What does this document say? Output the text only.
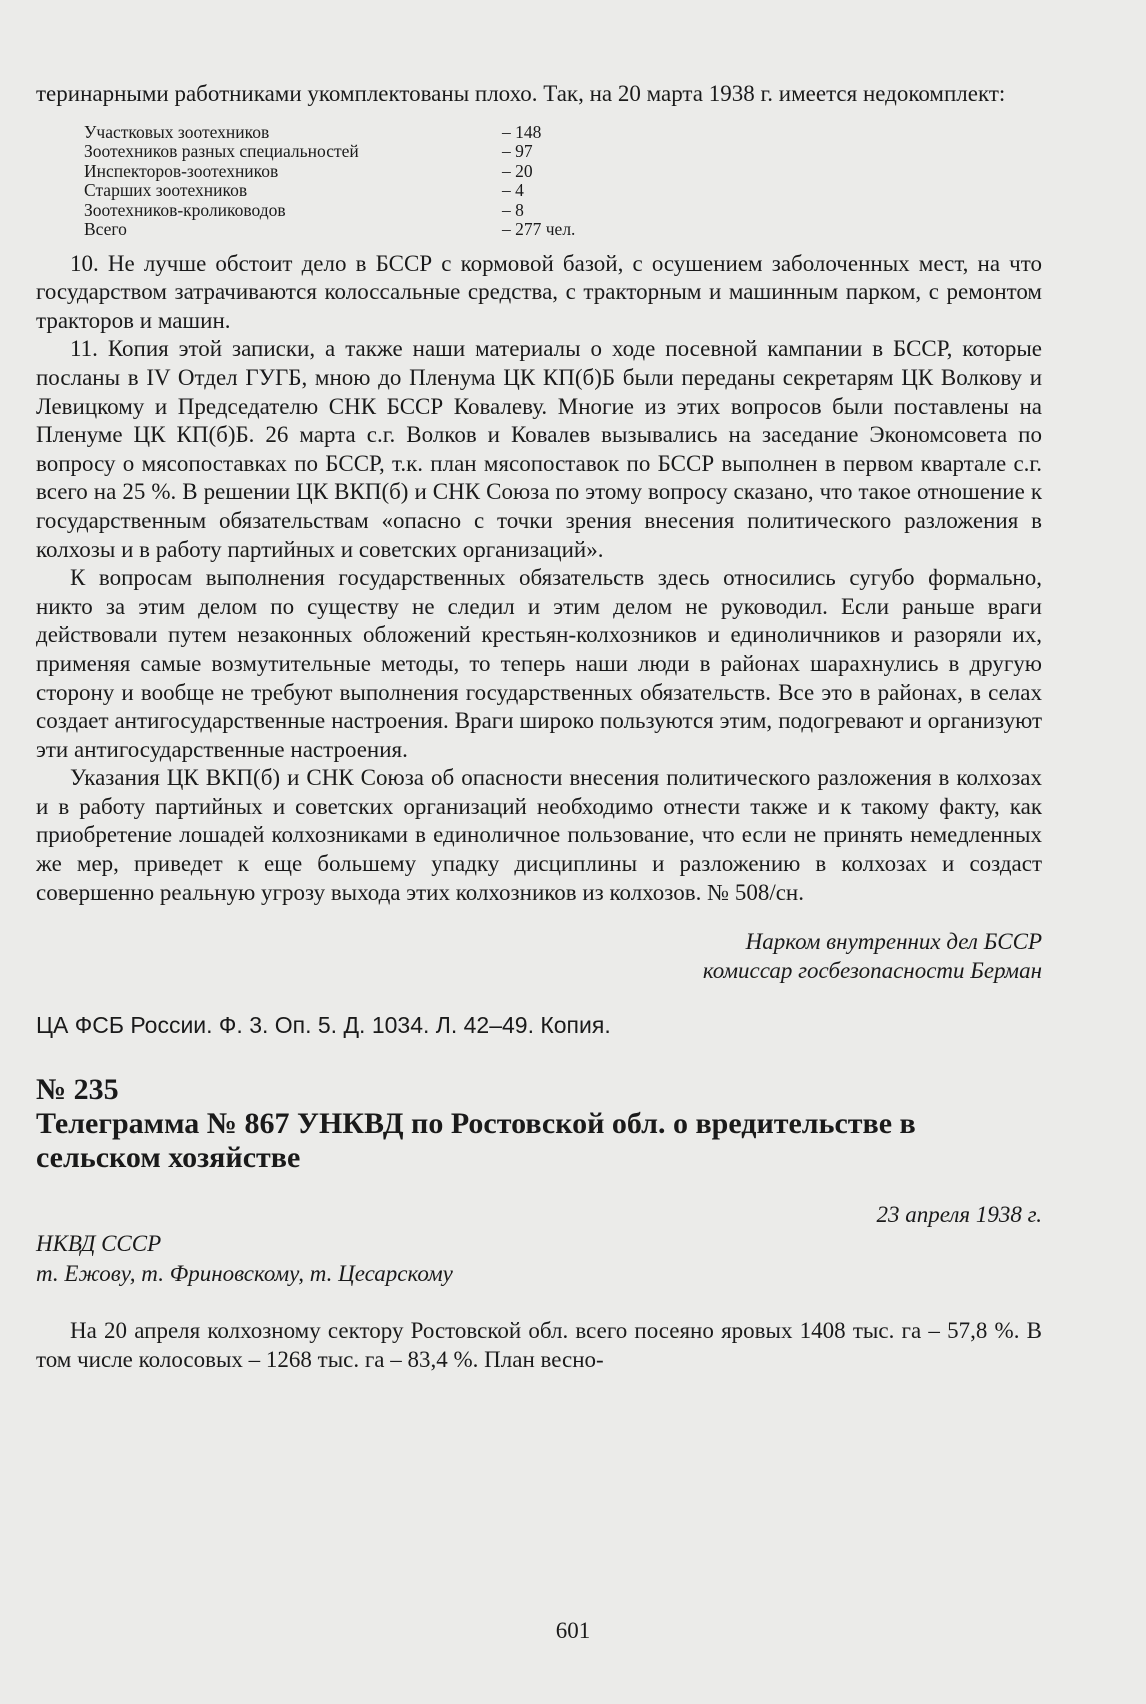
теринарными работниками укомплектованы плохо. Так, на 20 марта 1938 г. имеется недокомплект:

Участковых зоотехников	– 148
Зоотехников разных специальностей	– 97
Инспекторов-зоотехников	– 20
Старших зоотехников	– 4
Зоотехников-кролиководов	– 8
Всего	– 277 чел.

10. Не лучше обстоит дело в БССР с кормовой базой, с осушением заболоченных мест, на что государством затрачиваются колоссальные средства, с тракторным и машинным парком, с ремонтом тракторов и машин.

11. Копия этой записки, а также наши материалы о ходе посевной кампании в БССР, которые посланы в IV Отдел ГУГБ, мною до Пленума ЦК КП(б)Б были переданы секретарям ЦК Волкову и Левицкому и Председателю СНК БССР Ковалеву. Многие из этих вопросов были поставлены на Пленуме ЦК КП(б)Б. 26 марта с.г. Волков и Ковалев вызывались на заседание Экономсовета по вопросу о мясопоставках по БССР, т.к. план мясопоставок по БССР выполнен в первом квартале с.г. всего на 25 %. В решении ЦК ВКП(б) и СНК Союза по этому вопросу сказано, что такое отношение к государственным обязательствам «опасно с точки зрения внесения политического разложения в колхозы и в работу партийных и советских организаций».

К вопросам выполнения государственных обязательств здесь относились сугубо формально, никто за этим делом по существу не следил и этим делом не руководил. Если раньше враги действовали путем незаконных обложений крестьян-колхозников и единоличников и разоряли их, применяя самые возмутительные методы, то теперь наши люди в районах шарахнулись в другую сторону и вообще не требуют выполнения государственных обязательств. Все это в районах, в селах создает антигосударственные настроения. Враги широко пользуются этим, подогревают и организуют эти антигосударственные настроения.

Указания ЦК ВКП(б) и СНК Союза об опасности внесения политического разложения в колхозах и в работу партийных и советских организаций необходимо отнести также и к такому факту, как приобретение лошадей колхозниками в единоличное пользование, что если не принять немедленных же мер, приведет к еще большему упадку дисциплины и разложению в колхозах и создаст совершенно реальную угрозу выхода этих колхозников из колхозов. № 508/сн.

Нарком внутренних дел БССР
комиссар госбезопасности Берман

ЦА ФСБ России. Ф. 3. Оп. 5. Д. 1034. Л. 42–49. Копия.

№ 235
Телеграмма № 867 УНКВД по Ростовской обл. о вредительстве в сельском хозяйстве
23 апреля 1938 г.
НКВД СССР
т. Ежову, т. Фриновскому, т. Цесарскому

На 20 апреля колхозному сектору Ростовской обл. всего посеяно яровых 1408 тыс. га – 57,8 %. В том числе колосовых – 1268 тыс. га – 83,4 %. План весно-

601
